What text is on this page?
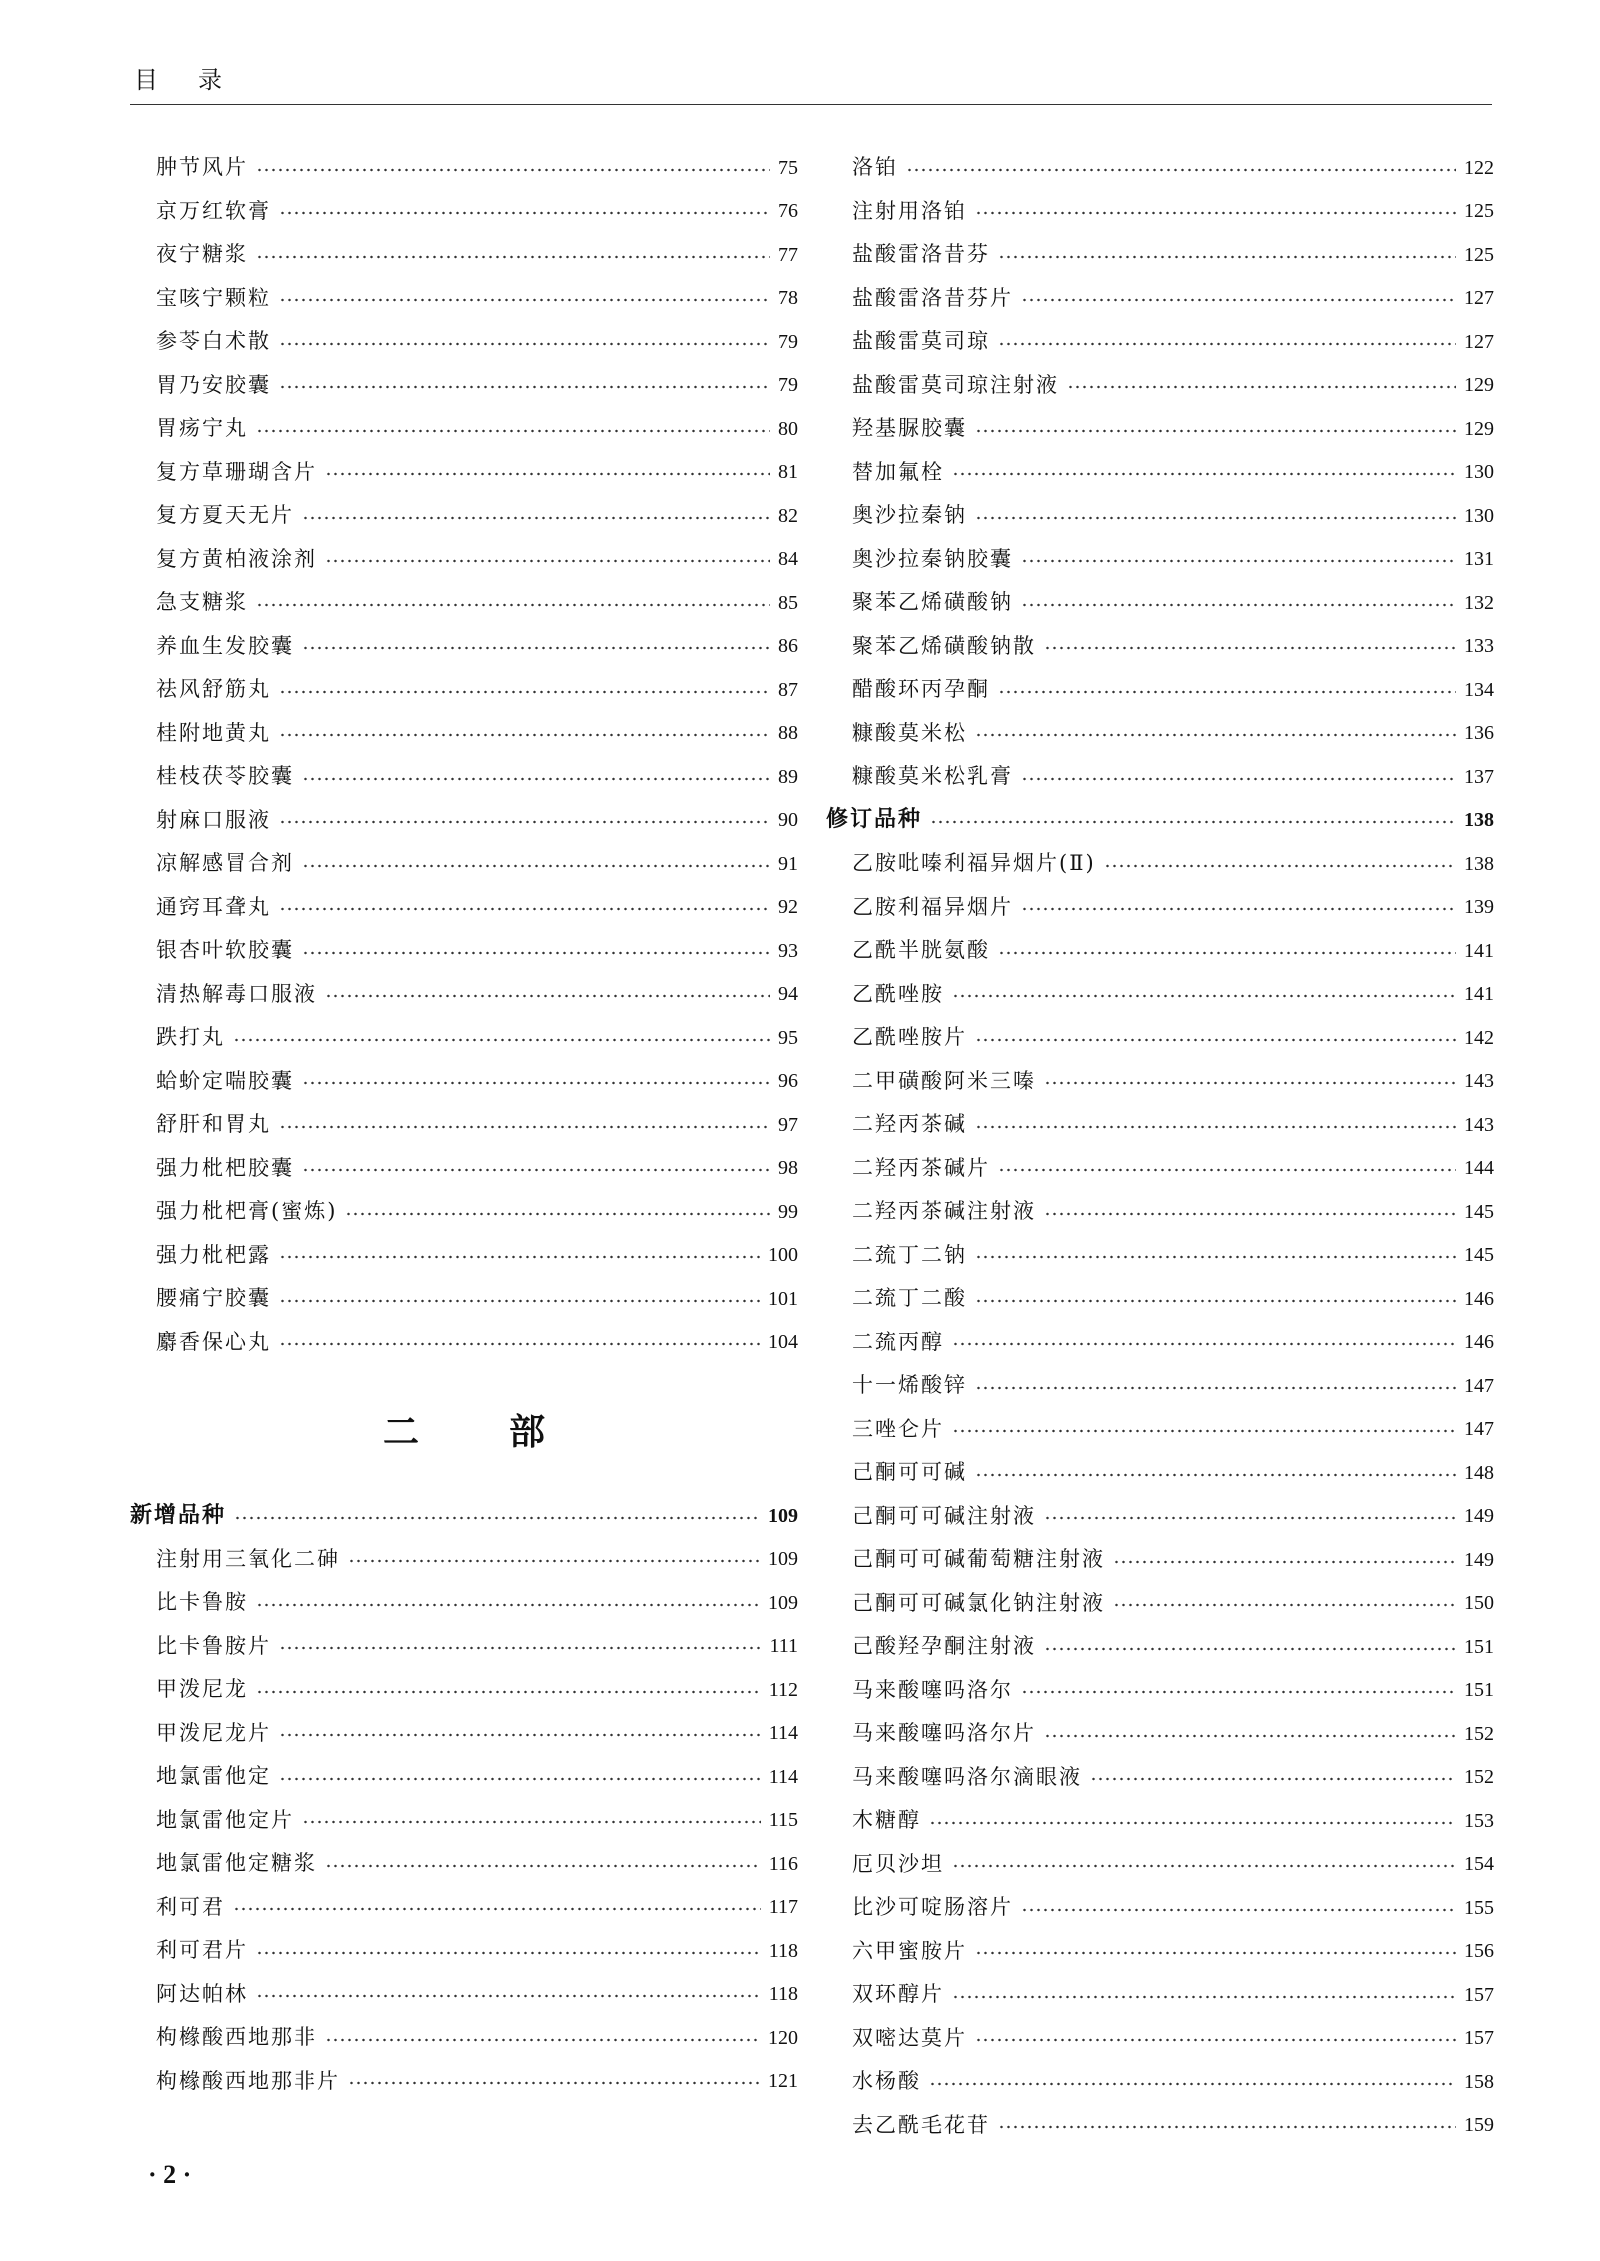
目录
肿节风片	75
京万红软膏	76
夜宁糖浆	77
宝咳宁颗粒	78
参苓白术散	79
胃乃安胶囊	79
胃疡宁丸	80
复方草珊瑚含片	81
复方夏天无片	82
复方黄柏液涂剂	84
急支糖浆	85
养血生发胶囊	86
祛风舒筋丸	87
桂附地黄丸	88
桂枝茯苓胶囊	89
射麻口服液	90
凉解感冒合剂	91
通窍耳聋丸	92
银杏叶软胶囊	93
清热解毒口服液	94
跌打丸	95
蛤蚧定喘胶囊	96
舒肝和胃丸	97
强力枇杷胶囊	98
强力枇杷膏(蜜炼)	99
强力枇杷露	100
腰痛宁胶囊	101
麝香保心丸	104
二部
新增品种	109
注射用三氧化二砷	109
比卡鲁胺	109
比卡鲁胺片	111
甲泼尼龙	112
甲泼尼龙片	114
地氯雷他定	114
地氯雷他定片	115
地氯雷他定糖浆	116
利可君	117
利可君片	118
阿达帕林	118
枸橼酸西地那非	120
枸橼酸西地那非片	121
洛铂	122
注射用洛铂	125
盐酸雷洛昔芬	125
盐酸雷洛昔芬片	127
盐酸雷莫司琼	127
盐酸雷莫司琼注射液	129
羟基脲胶囊	129
替加氟栓	130
奥沙拉秦钠	130
奥沙拉秦钠胶囊	131
聚苯乙烯磺酸钠	132
聚苯乙烯磺酸钠散	133
醋酸环丙孕酮	134
糠酸莫米松	136
糠酸莫米松乳膏	137
修订品种	138
乙胺吡嗪利福异烟片(Ⅱ)	138
乙胺利福异烟片	139
乙酰半胱氨酸	141
乙酰唑胺	141
乙酰唑胺片	142
二甲磺酸阿米三嗪	143
二羟丙茶碱	143
二羟丙茶碱片	144
二羟丙茶碱注射液	145
二巯丁二钠	145
二巯丁二酸	146
二巯丙醇	146
十一烯酸锌	147
三唑仑片	147
己酮可可碱	148
己酮可可碱注射液	149
己酮可可碱葡萄糖注射液	149
己酮可可碱氯化钠注射液	150
己酸羟孕酮注射液	151
马来酸噻吗洛尔	151
马来酸噻吗洛尔片	152
马来酸噻吗洛尔滴眼液	152
木糖醇	153
厄贝沙坦	154
比沙可啶肠溶片	155
六甲蜜胺片	156
双环醇片	157
双嘧达莫片	157
水杨酸	158
去乙酰毛花苷	159
· 2 ·
